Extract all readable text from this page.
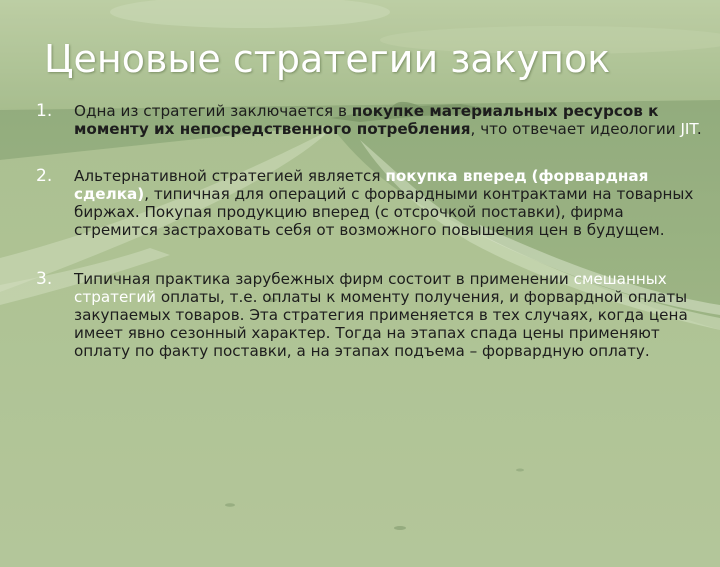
Ценовые стратегии закупок
1. Одна из стратегий заключается в покупке материальных ресурсов к моменту их непосредственного потребления, что отвечает идеологии JIT.
2. Альтернативной стратегией является покупка вперед (форвардная сделка), типичная для операций с форвардными контрактами на товарных биржах. Покупая продукцию вперед (с отсрочкой поставки), фирма стремится застраховать себя от возможного повышения цен в будущем.
3. Типичная практика зарубежных фирм состоит в применении смешанных стратегий оплаты, т.е. оплаты к моменту получения, и форвардной оплаты закупаемых товаров. Эта стратегия применяется в тех случаях, когда цена имеет явно сезонный характер. Тогда на этапах спада цены применяют оплату по факту поставки, а на этапах подъема – форвардную оплату.
